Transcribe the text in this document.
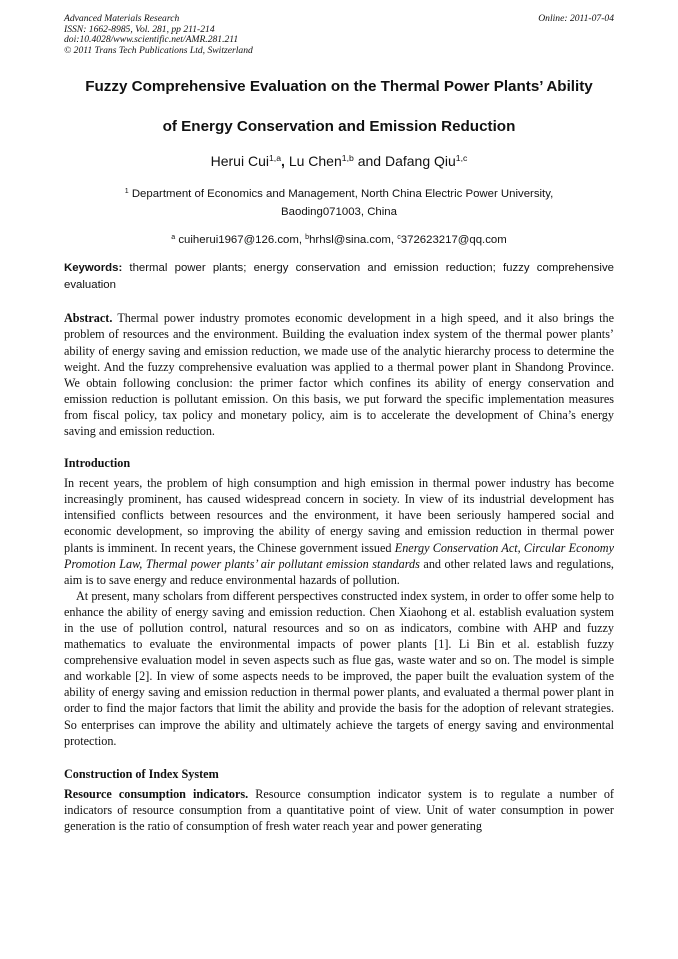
Advanced Materials Research
ISSN: 1662-8985, Vol. 281, pp 211-214
doi:10.4028/www.scientific.net/AMR.281.211
© 2011 Trans Tech Publications Ltd, Switzerland
Online: 2011-07-04
Fuzzy Comprehensive Evaluation on the Thermal Power Plants’ Ability
of Energy Conservation and Emission Reduction
Herui Cui$^{1,a}$, Lu Chen$^{1,b}$ and Dafang Qiu$^{1,c}$
$^1$ Department of Economics and Management, North China Electric Power University,
Baoding071003, China
$^a$ cuiherui1967@126.com, $^b$hrhsl@sina.com, $^c$372623217@qq.com

Keywords: thermal power plants; energy conservation and emission reduction; fuzzy comprehensive evaluation

Abstract. Thermal power industry promotes economic development in a high speed, and it also brings the problem of resources and the environment. Building the evaluation index system of the thermal power plants’ ability of energy saving and emission reduction, we made use of the analytic hierarchy process to determine the weight. And the fuzzy comprehensive evaluation was applied to a thermal power plant in Shandong Province. We obtain following conclusion: the primer factor which confines its ability of energy conservation and emission reduction is pollutant emission. On this basis, we put forward the specific implementation measures from fiscal policy, tax policy and monetary policy, aim is to accelerate the development of China’s energy saving and emission reduction.

Introduction

In recent years, the problem of high consumption and high emission in thermal power industry has become increasingly prominent, has caused widespread concern in society. In view of its industrial development has intensified conflicts between resources and the environment, it have been seriously hampered social and economic development, so improving the ability of energy saving and emission reduction in thermal power plants is imminent. In recent years, the Chinese government issued Energy Conservation Act, Circular Economy Promotion Law, Thermal power plants’ air pollutant emission standards and other related laws and regulations, aim is to save energy and reduce environmental hazards of pollution.

At present, many scholars from different perspectives constructed index system, in order to offer some help to enhance the ability of energy saving and emission reduction. Chen Xiaohong et al. establish evaluation system in the use of pollution control, natural resources and so on as indicators, combine with AHP and fuzzy mathematics to evaluate the environmental impacts of power plants [1]. Li Bin et al. establish fuzzy comprehensive evaluation model in seven aspects such as flue gas, waste water and so on. The model is simple and workable [2]. In view of some aspects needs to be improved, the paper built the evaluation system of the ability of energy saving and emission reduction in thermal power plants, and evaluated a thermal power plant in order to find the major factors that limit the ability and provide the basis for the adoption of relevant strategies. So enterprises can improve the ability and ultimately achieve the targets of energy saving and environmental protection.

Construction of Index System

Resource consumption indicators. Resource consumption indicator system is to regulate a number of indicators of resource consumption from a quantitative point of view. Unit of water consumption in power generation is the ratio of consumption of fresh water reach year and power generating
